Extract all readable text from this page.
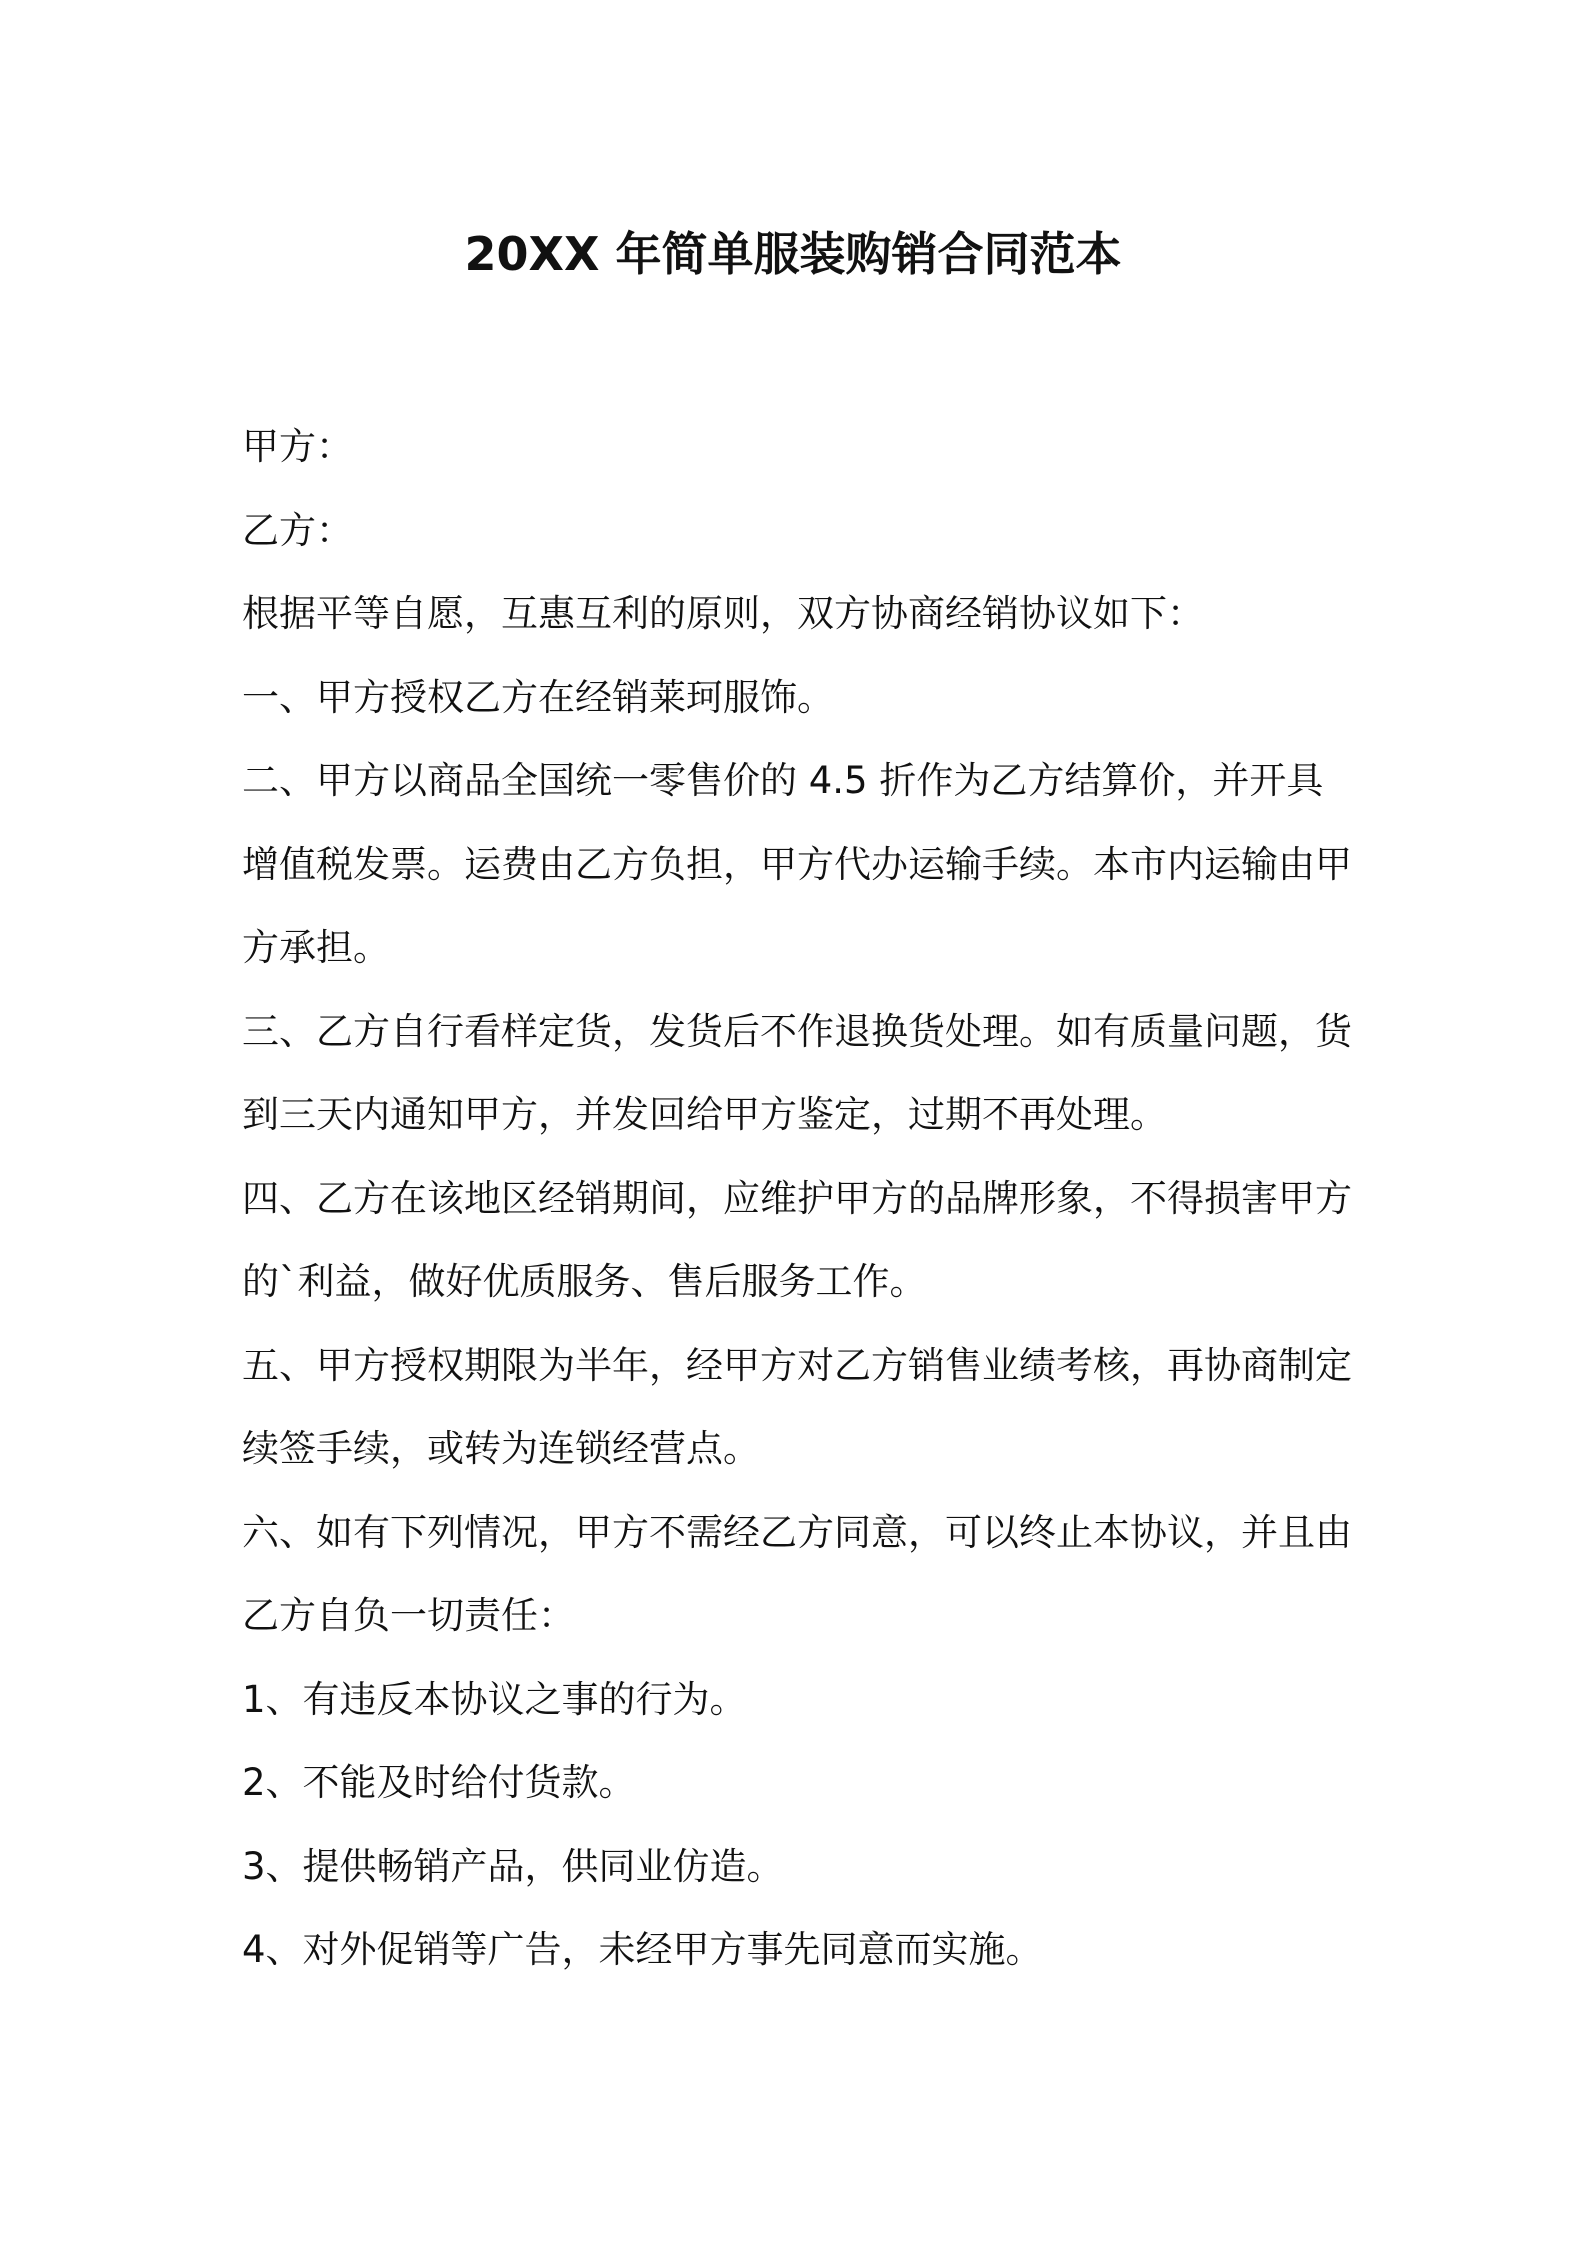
20XX 年简单服装购销合同范本

甲方：

乙方：

根据平等自愿，互惠互利的原则，双方协商经销协议如下：

一、甲方授权乙方在经销莱珂服饰。

二、甲方以商品全国统一零售价的 4.5 折作为乙方结算价，并开具增值税发票。运费由乙方负担，甲方代办运输手续。本市内运输由甲方承担。

三、乙方自行看样定货，发货后不作退换货处理。如有质量问题，货到三天内通知甲方，并发回给甲方鉴定，过期不再处理。

四、乙方在该地区经销期间，应维护甲方的品牌形象，不得损害甲方的`利益，做好优质服务、售后服务工作。

五、甲方授权期限为半年，经甲方对乙方销售业绩考核，再协商制定续签手续，或转为连锁经营点。

六、如有下列情况，甲方不需经乙方同意，可以终止本协议，并且由乙方自负一切责任：

1、有违反本协议之事的行为。

2、不能及时给付货款。

3、提供畅销产品，供同业仿造。

4、对外促销等广告，未经甲方事先同意而实施。
